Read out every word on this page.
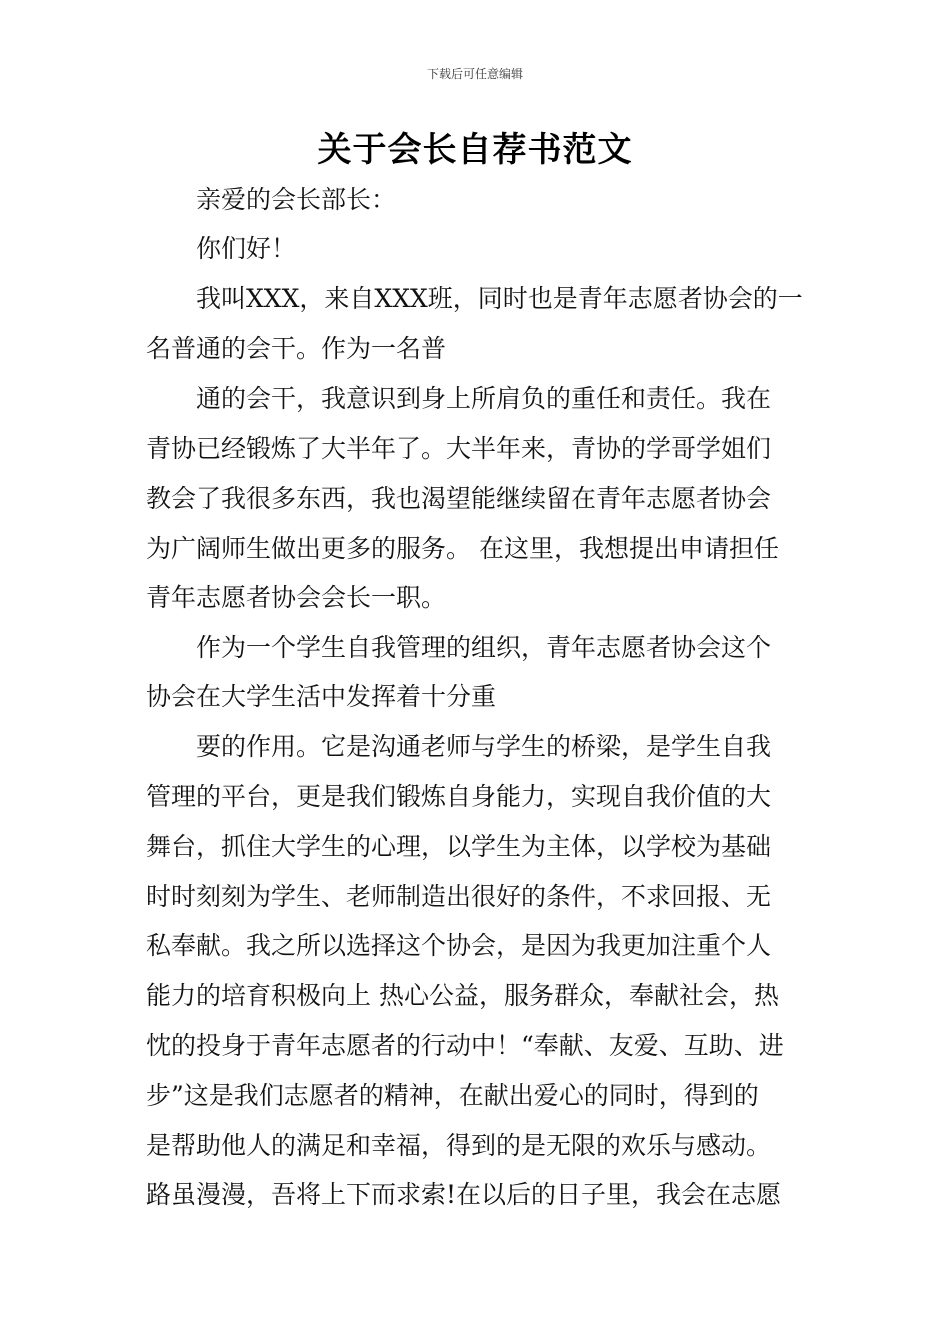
下载后可任意编辑
关于会长自荐书范文
亲爱的会长部长：
你们好！
我叫XXX，来自XXX班，同时也是青年志愿者协会的一
名普通的会干。作为一名普
通的会干，我意识到身上所肩负的重任和责任。我在
青协已经锻炼了大半年了。大半年来，青协的学哥学姐们
教会了我很多东西，我也渴望能继续留在青年志愿者协会
为广阔师生做出更多的服务。 在这里，我想提出申请担任
青年志愿者协会会长一职。
作为一个学生自我管理的组织，青年志愿者协会这个
协会在大学生活中发挥着十分重
要的作用。它是沟通老师与学生的桥梁，是学生自我
管理的平台，更是我们锻炼自身能力，实现自我价值的大
舞台，抓住大学生的心理，以学生为主体，以学校为基础
时时刻刻为学生、老师制造出很好的条件，不求回报、无
私奉献。我之所以选择这个协会，是因为我更加注重个人
能力的培育积极向上 热心公益，服务群众，奉献社会，热
忱的投身于青年志愿者的行动中！“奉献、友爱、互助、进
步”这是我们志愿者的精神，在献出爱心的同时，得到的
是帮助他人的满足和幸福，得到的是无限的欢乐与感动。
路虽漫漫，吾将上下而求索!在以后的日子里，我会在志愿
